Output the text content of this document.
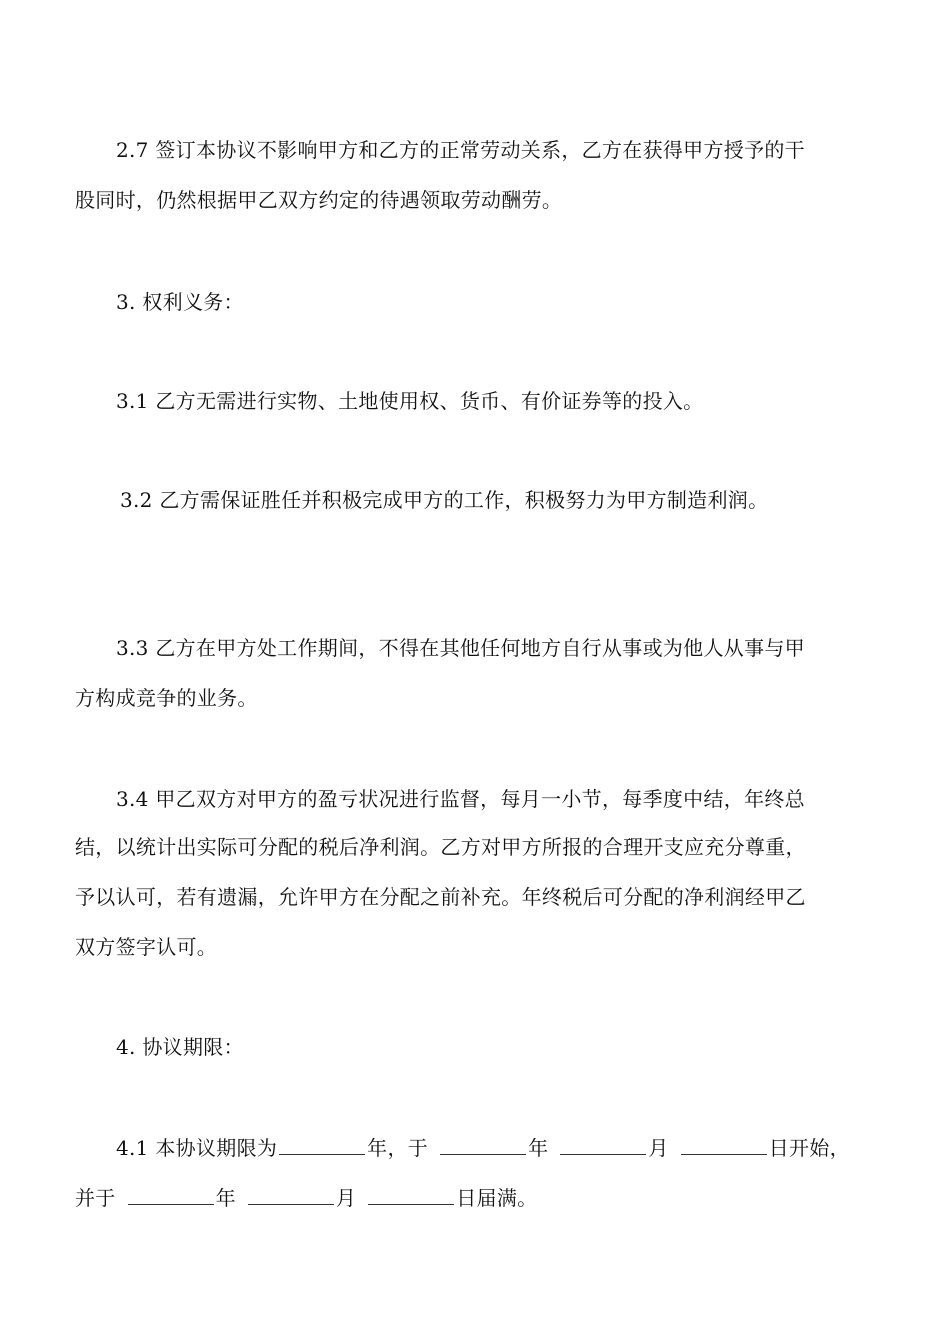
2.7 签订本协议不影响甲方和乙方的正常劳动关系，乙方在获得甲方授予的干
股同时，仍然根据甲乙双方约定的待遇领取劳动酬劳。
3. 权利义务：
3.1 乙方无需进行实物、土地使用权、货币、有价证券等的投入。
3.2 乙方需保证胜任并积极完成甲方的工作，积极努力为甲方制造利润。
3.3 乙方在甲方处工作期间，不得在其他任何地方自行从事或为他人从事与甲
方构成竞争的业务。
3.4 甲乙双方对甲方的盈亏状况进行监督，每月一小节，每季度中结，年终总
结，以统计出实际可分配的税后净利润。乙方对甲方所报的合理开支应充分尊重，
予以认可，若有遗漏，允许甲方在分配之前补充。年终税后可分配的净利润经甲乙
双方签字认可。
4. 协议期限：
4.1 本协议期限为	年，于	年	月	日开始，
并于	年	月	日届满。
